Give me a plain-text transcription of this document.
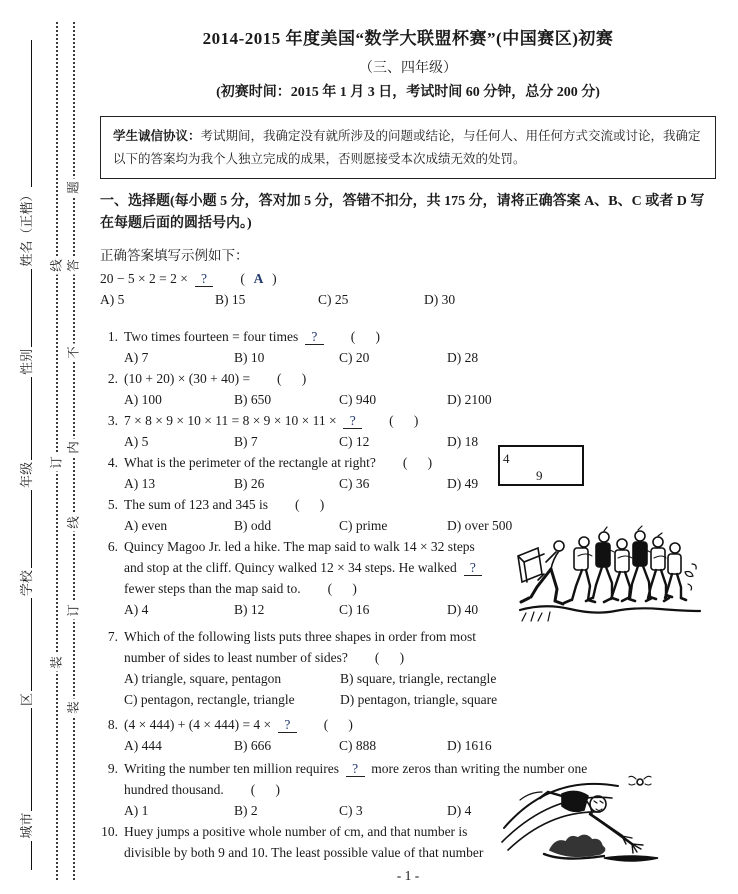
城市
区
学校
年级
性别
姓名（正楷）
装
订
线
装
订
线
内
不
答
题
2014-2015 年度美国“数学大联盟杯赛”(中国赛区)初赛
（三、四年级）
(初赛时间：2015 年 1 月 3 日，考试时间 60 分钟，总分 200 分)
学生诚信协议：考试期间，我确定没有就所涉及的问题或结论，与任何人、用任何方式交流或讨论，我确定以下的答案均为我个人独立完成的成果，否则愿接受本次成绩无效的处罚。
一、选择题(每小题 5 分，答对加 5 分，答错不扣分，共 175 分，请将正确答案 A、B、C 或者 D 写在每题后面的圆括号内。)
正确答案填写示例如下：
20 − 5 × 2 = 2 ×  ?   (  A  )
A) 5	B) 15	C) 25	D) 30
1. Two times fourteen = four times  ?   (      )
A) 7	B) 10	C) 20	D) 28
2. (10 + 20) × (30 + 40) =  (      )
A) 100	B) 650	C) 940	D) 2100
3. 7 × 8 × 9 × 10 × 11 = 8 × 9 × 10 × 11 ×  ?   (      )
A) 5	B) 7	C) 12	D) 18
4. What is the perimeter of the rectangle at right?  (      )
A) 13	B) 26	C) 36	D) 49
5. The sum of 123 and 345 is  (      )
A) even	B) odd	C) prime	D) over 500
6. Quincy Magoo Jr. led a hike. The map said to walk 14 × 32 steps
and stop at the cliff. Quincy walked 12 × 34 steps. He walked  ?
fewer steps than the map said to.  (      )
A) 4	B) 12	C) 16	D) 40
7. Which of the following lists puts three shapes in order from most
number of sides to least number of sides?  (      )
A) triangle, square, pentagon	B) square, triangle, rectangle
C) pentagon, rectangle, triangle	D) pentagon, triangle, square
8. (4 × 444) + (4 × 444) = 4 ×  ?   (      )
A) 444	B) 666	C) 888	D) 1616
9. Writing the number ten million requires  ?  more zeros than writing the number one
hundred thousand.  (      )
A) 1	B) 2	C) 3	D) 4
10. Huey jumps a positive whole number of cm, and that number is
divisible by both 9 and 10. The least possible value of that number
4
9
- 1 -
